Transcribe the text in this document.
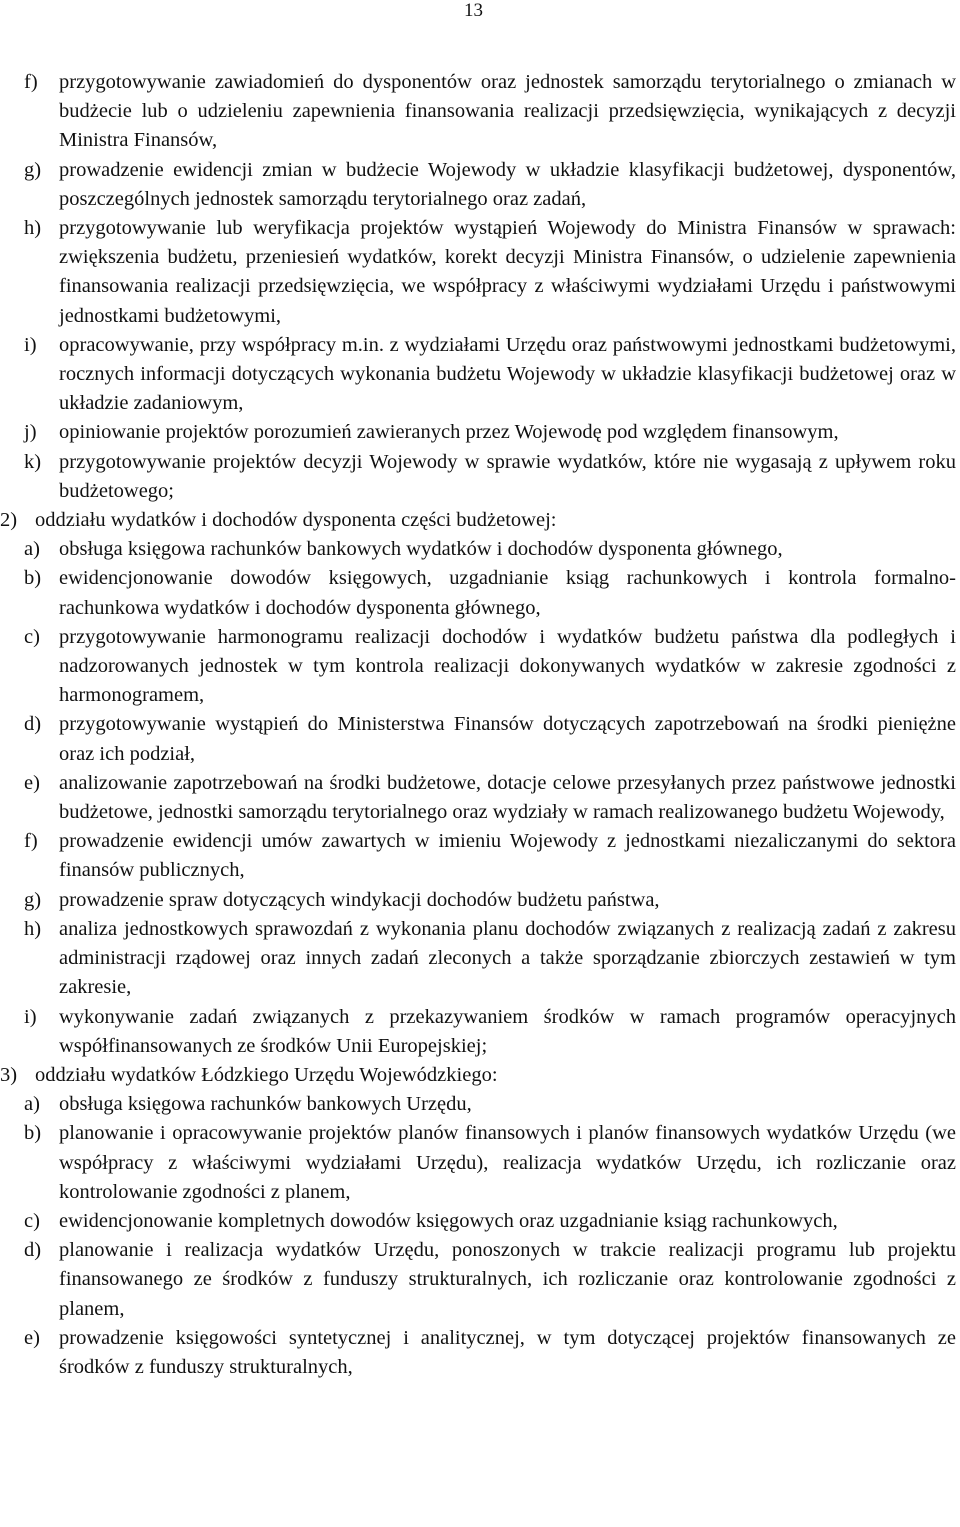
13
f) przygotowywanie zawiadomień do dysponentów oraz jednostek samorządu terytorialnego o zmianach w budżecie lub o udzieleniu zapewnienia finansowania realizacji przedsięwzięcia, wynikających z decyzji Ministra Finansów,
g) prowadzenie ewidencji zmian w budżecie Wojewody w układzie klasyfikacji budżetowej, dysponentów, poszczególnych jednostek samorządu terytorialnego oraz zadań,
h) przygotowywanie lub weryfikacja projektów wystąpień Wojewody do Ministra Finansów w sprawach: zwiększenia budżetu, przeniesień wydatków, korekt decyzji Ministra Finansów, o udzielenie zapewnienia finansowania realizacji przedsięwzięcia, we współpracy z właściwymi wydziałami Urzędu i państwowymi jednostkami budżetowymi,
i) opracowywanie, przy współpracy m.in. z wydziałami Urzędu oraz państwowymi jednostkami budżetowymi, rocznych informacji dotyczących wykonania budżetu Wojewody w układzie klasyfikacji budżetowej oraz w układzie zadaniowym,
j) opiniowanie projektów porozumień zawieranych przez Wojewodę pod względem finansowym,
k) przygotowywanie projektów decyzji Wojewody w sprawie wydatków, które nie wygasają z upływem roku budżetowego;
2) oddziału wydatków i dochodów dysponenta części budżetowej:
a) obsługa księgowa rachunków bankowych wydatków i dochodów dysponenta głównego,
b) ewidencjonowanie dowodów księgowych, uzgadnianie ksiąg rachunkowych i kontrola formalno-rachunkowa wydatków i dochodów dysponenta głównego,
c) przygotowywanie harmonogramu realizacji dochodów i wydatków budżetu państwa dla podległych i nadzorowanych jednostek w tym kontrola realizacji dokonywanych wydatków w zakresie zgodności z harmonogramem,
d) przygotowywanie wystąpień do Ministerstwa Finansów dotyczących zapotrzebowań na środki pieniężne oraz ich podział,
e) analizowanie zapotrzebowań na środki budżetowe, dotacje celowe przesyłanych przez państwowe jednostki budżetowe, jednostki samorządu terytorialnego oraz wydziały w ramach realizowanego budżetu Wojewody,
f) prowadzenie ewidencji umów zawartych w imieniu Wojewody z jednostkami niezaliczanymi do sektora finansów publicznych,
g) prowadzenie spraw dotyczących windykacji dochodów budżetu państwa,
h) analiza jednostkowych sprawozdań z wykonania planu dochodów związanych z realizacją zadań z zakresu administracji rządowej oraz innych zadań zleconych a także sporządzanie zbiorczych zestawień w tym zakresie,
i) wykonywanie zadań związanych z przekazywaniem środków w ramach programów operacyjnych współfinansowanych ze środków Unii Europejskiej;
3) oddziału wydatków Łódzkiego Urzędu Wojewódzkiego:
a) obsługa księgowa rachunków bankowych Urzędu,
b) planowanie i opracowywanie projektów planów finansowych i planów finansowych wydatków Urzędu (we współpracy z właściwymi wydziałami Urzędu), realizacja wydatków Urzędu, ich rozliczanie oraz kontrolowanie zgodności z planem,
c) ewidencjonowanie kompletnych dowodów księgowych oraz uzgadnianie ksiąg rachunkowych,
d) planowanie i realizacja wydatków Urzędu, ponoszonych w trakcie realizacji programu lub projektu finansowanego ze środków z funduszy strukturalnych, ich rozliczanie oraz kontrolowanie zgodności z planem,
e) prowadzenie księgowości syntetycznej i analitycznej, w tym dotyczącej projektów finansowanych ze środków z funduszy strukturalnych,
